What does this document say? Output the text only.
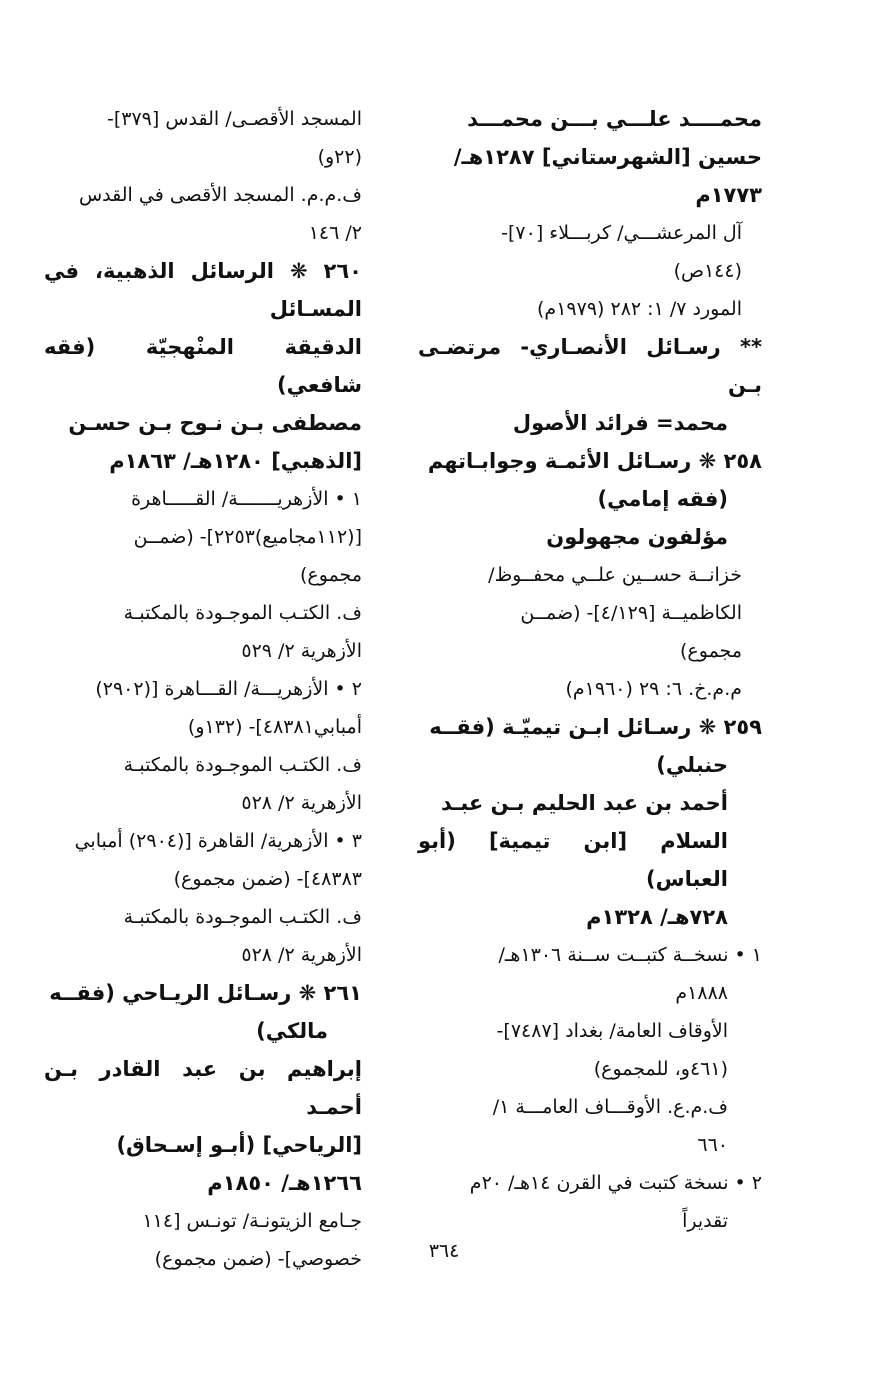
محمــــد علـــي بـــن محمـــد
حسين [الشهرستاني] ١٢٨٧هـ/
١٧٧٣م
آل المرعشـــي/ كربـــلاء [٧٠]-
(١٤٤ص)
المورد ٧/ ١: ٢٨٢ (١٩٧٩م)
** رسـائل الأنصـاري- مرتضـى بـن
محمد= فرائد الأصول
٢٥٨ ❋ رسـائل الأئمـة وجوابـاتهم
(فقه إمامي)
مؤلفون مجهولون
خزانــة حســين علــي محفــوظ/
الكاظميــة [٤/١٢٩]- (ضمــن
مجموع)
م.م.خ. ٦: ٢٩ (١٩٦٠م)
٢٥٩ ❋ رسـائل ابـن تيميّـة (فقــه
حنبلي)
أحمد بن عبد الحليم بـن عبـد
السلام [ابن تيمية] (أبو العباس)
٧٢٨هـ/ ١٣٢٨م
١ • نسخــة كتبــت ســنة ١٣٠٦هـ/
١٨٨٨م
الأوقاف العامة/ بغداد [٧٤٨٧]-
(٤٦١و، للمجموع)
ف.م.ع. الأوقـــاف العامـــة ١/
٦٦٠
٢ • نسخة كتبت في القرن ١٤هـ/ ٢٠م
تقديراً
المسجد الأقصـى/ القدس [٣٧٩]-
(٢٢و)
ف.م.م. المسجد الأقصى في القدس
٢/ ١٤٦
٢٦٠ ❋ الرسائل الذهبية، في المسـائل
الدقيقة المنْهجيّة (فقه شافعي)
مصطفى بـن نـوح بـن حسـن
[الذهبي] ١٢٨٠هـ/ ١٨٦٣م
١ • الأزهريـــــــة/ القـــــاهرة
[(١١٢مجاميع)٢٢٥٣]- (ضمــن
مجموع)
ف. الكتـب الموجـودة بالمكتبـة
الأزهرية ٢/ ٥٢٩
٢ • الأزهريـــة/ القـــاهرة [(٢٩٠٢)
أمبابي٤٨٣٨١]- (١٣٢و)
ف. الكتـب الموجـودة بالمكتبـة
الأزهرية ٢/ ٥٢٨
٣ • الأزهرية/ القاهرة [(٢٩٠٤) أمبابي
٤٨٣٨٣]- (ضمن مجموع)
ف. الكتـب الموجـودة بالمكتبـة
الأزهرية ٢/ ٥٢٨
٢٦١ ❋ رسـائل الريـاحي (فقــه
مالكي)
إبراهيم بن عبد القادر بـن أحمـد
[الرياحي] (أبـو إسـحاق)
١٢٦٦هـ/ ١٨٥٠م
جـامع الزيتونـة/ تونـس [١١٤
خصوصي]- (ضمن مجموع)	٣٦٤
